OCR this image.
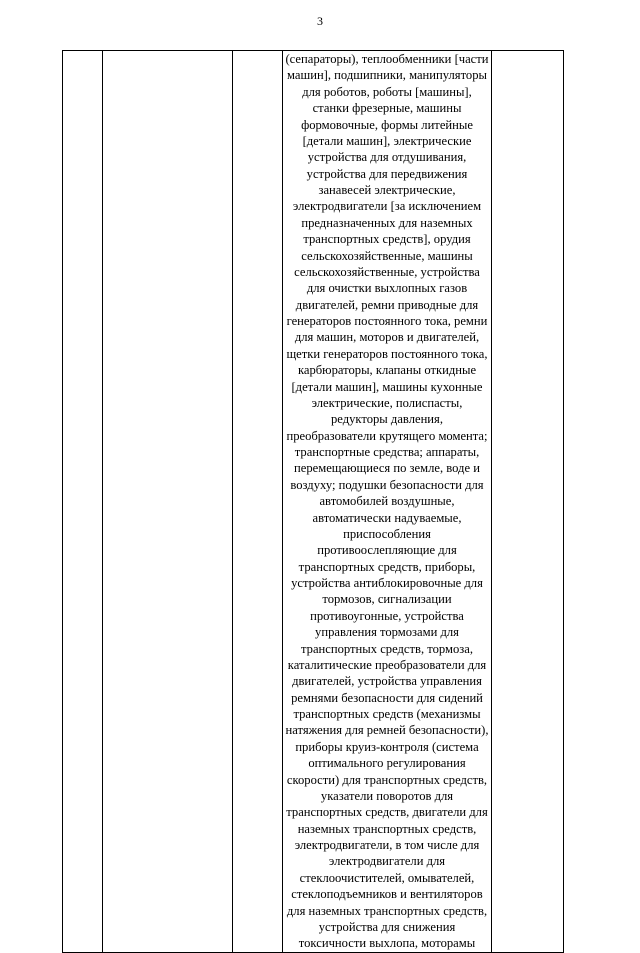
3

(сепараторы), теплообменники [части
машин], подшипники, манипуляторы
для роботов, роботы [машины],
станки фрезерные, машины
формовочные, формы литейные
[детали машин], электрические
устройства для отдушивания,
устройства для передвижения
занавесей электрические,
электродвигатели [за исключением
предназначенных для наземных
транспортных средств], орудия
сельскохозяйственные, машины
сельскохозяйственные, устройства
для очистки выхлопных газов
двигателей, ремни приводные для
генераторов постоянного тока, ремни
для машин, моторов и двигателей,
щетки генераторов постоянного тока,
карбюраторы, клапаны откидные
[детали машин], машины кухонные
электрические, полиспасты,
редукторы давления,
преобразователи крутящего момента;
транспортные средства; аппараты,
перемещающиеся по земле, воде и
воздуху; подушки безопасности для
автомобилей воздушные,
автоматически надуваемые,
приспособления
противоослепляющие для
транспортных средств, приборы,
устройства антиблокировочные для
тормозов, сигнализации
противоугонные, устройства
управления тормозами для
транспортных средств, тормоза,
каталитические преобразователи для
двигателей, устройства управления
ремнями безопасности для сидений
транспортных средств (механизмы
натяжения для ремней безопасности),
приборы круиз-контроля (система
оптимального регулирования
скорости) для транспортных средств,
указатели поворотов для
транспортных средств, двигатели для
наземных транспортных средств,
электродвигатели, в том числе для
электродвигатели для
стеклоочистителей, омывателей,
стеклоподъемников и вентиляторов
для наземных транспортных средств,
устройства для снижения
токсичности выхлопа, моторамы
